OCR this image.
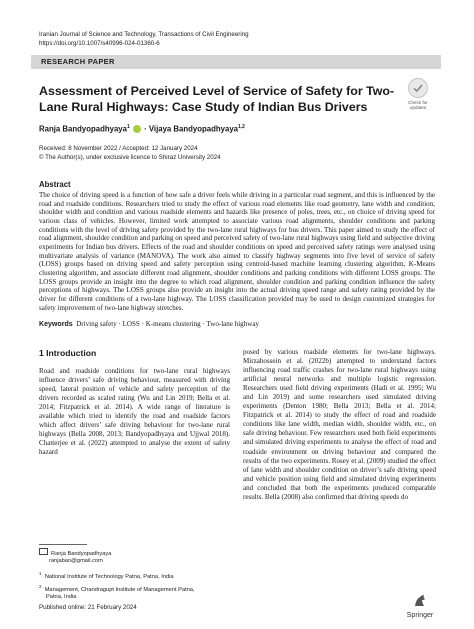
Iranian Journal of Science and Technology, Transactions of Civil Engineering
https://doi.org/10.1007/s40996-024-01360-6
RESEARCH PAPER
Check for
updates
Assessment of Perceived Level of Service of Safety for Two-Lane Rural Highways: Case Study of Indian Bus Drivers
Ranja Bandyopadhyaya$^1$  · Vijaya Bandyopadhyaya$^{1,2}$
Received: 8 November 2022 / Accepted: 12 January 2024
© The Author(s), under exclusive licence to Shiraz University 2024
Abstract
The choice of driving speed is a function of how safe a driver feels while driving in a particular road segment, and this is influenced by the road and roadside conditions. Researchers tried to study the effect of various road elements like road geometry, lane width and condition, shoulder width and condition and various roadside elements and hazards like presence of poles, trees, etc., on choice of driving speed for various class of vehicles. However, limited work attempted to associate various road alignments, shoulder conditions and parking conditions with the level of driving safety provided by the two-lane rural highways for bus drivers. This paper aimed to study the effect of road alignment, shoulder condition and parking on speed and perceived safety of two-lane rural highways using field and subjective driving experiments for Indian bus drivers. Effects of the road and shoulder conditions on speed and perceived safety ratings were analysed using multivariate analysis of variance (MANOVA). The work also aimed to classify highway segments into five level of service of safety (LOSS) groups based on driving speed and safety perception using centroid-based machine learning clustering algorithm, K-Means clustering algorithm, and associate different road alignment, shoulder conditions and parking conditions with different LOSS groups. The LOSS groups provide an insight into the degree to which road alignment, shoulder condition and parking condition influence the safety perceptions of highways. The LOSS groups also provide an insight into the actual driving speed range and safety rating provided by the driver for different conditions of a two-lane highway. The LOSS classification provided may be used to design customized strategies for safety improvement of two-lane highway stretches.
Keywords Driving safety · LOSS · K-means clustering · Two-lane highway
1 Introduction
Road and roadside conditions for two-lane rural highways influence drivers’ safe driving behaviour, measured with driving speed, lateral position of vehicle and safety perception of the drivers recorded as scaled rating (Wu and Lin 2019; Bella et al. 2014; Fitzpatrick et al. 2014). A wide range of literature is available which tried to identify the road and roadside factors which affect drivers’ safe driving behaviour for two-lane rural highways (Bella 2008, 2013; Bandyopadhyaya and Ujjwal 2018). Chatterjee et al. (2022) attempted to analyse the extent of safety hazard
posed by various roadside elements for two-lane highways. Mirzahossein et al. (2022b) attempted to understand factors influencing road traffic crashes for two-lane rural highways using artificial neural networks and multiple logistic regression. Researchers used field driving experiments (Hadi et al. 1995; Wu and Lin 2019) and some researchers used simulated driving experiments (Denton 1980; Bella 2013; Bella et al. 2014; Fitzpatrick et al. 2014) to study the effect of road and roadside conditions like lane width, median width, shoulder width, etc., on safe driving behaviour. Few researchers used both field experiments and simulated driving experiments to analyse the effect of road and roadside environment on driving behaviour and compared the results of the two experiments. Rosey et al. (2009) studied the effect of lane width and shoulder condition on driver’s safe driving speed and vehicle position using field and simulated driving experiments and concluded that both the experiments produced comparable results. Bella (2008) also confirmed that driving speeds do
Ranja Bandyopadhyaya
ranjaban@gmail.com
$^1$  National Institute of Technology Patna, Patna, India
$^2$  Management, Chandragupt Institute of Management Patna,
Patna, India
Published online: 21 February 2024
Springer
